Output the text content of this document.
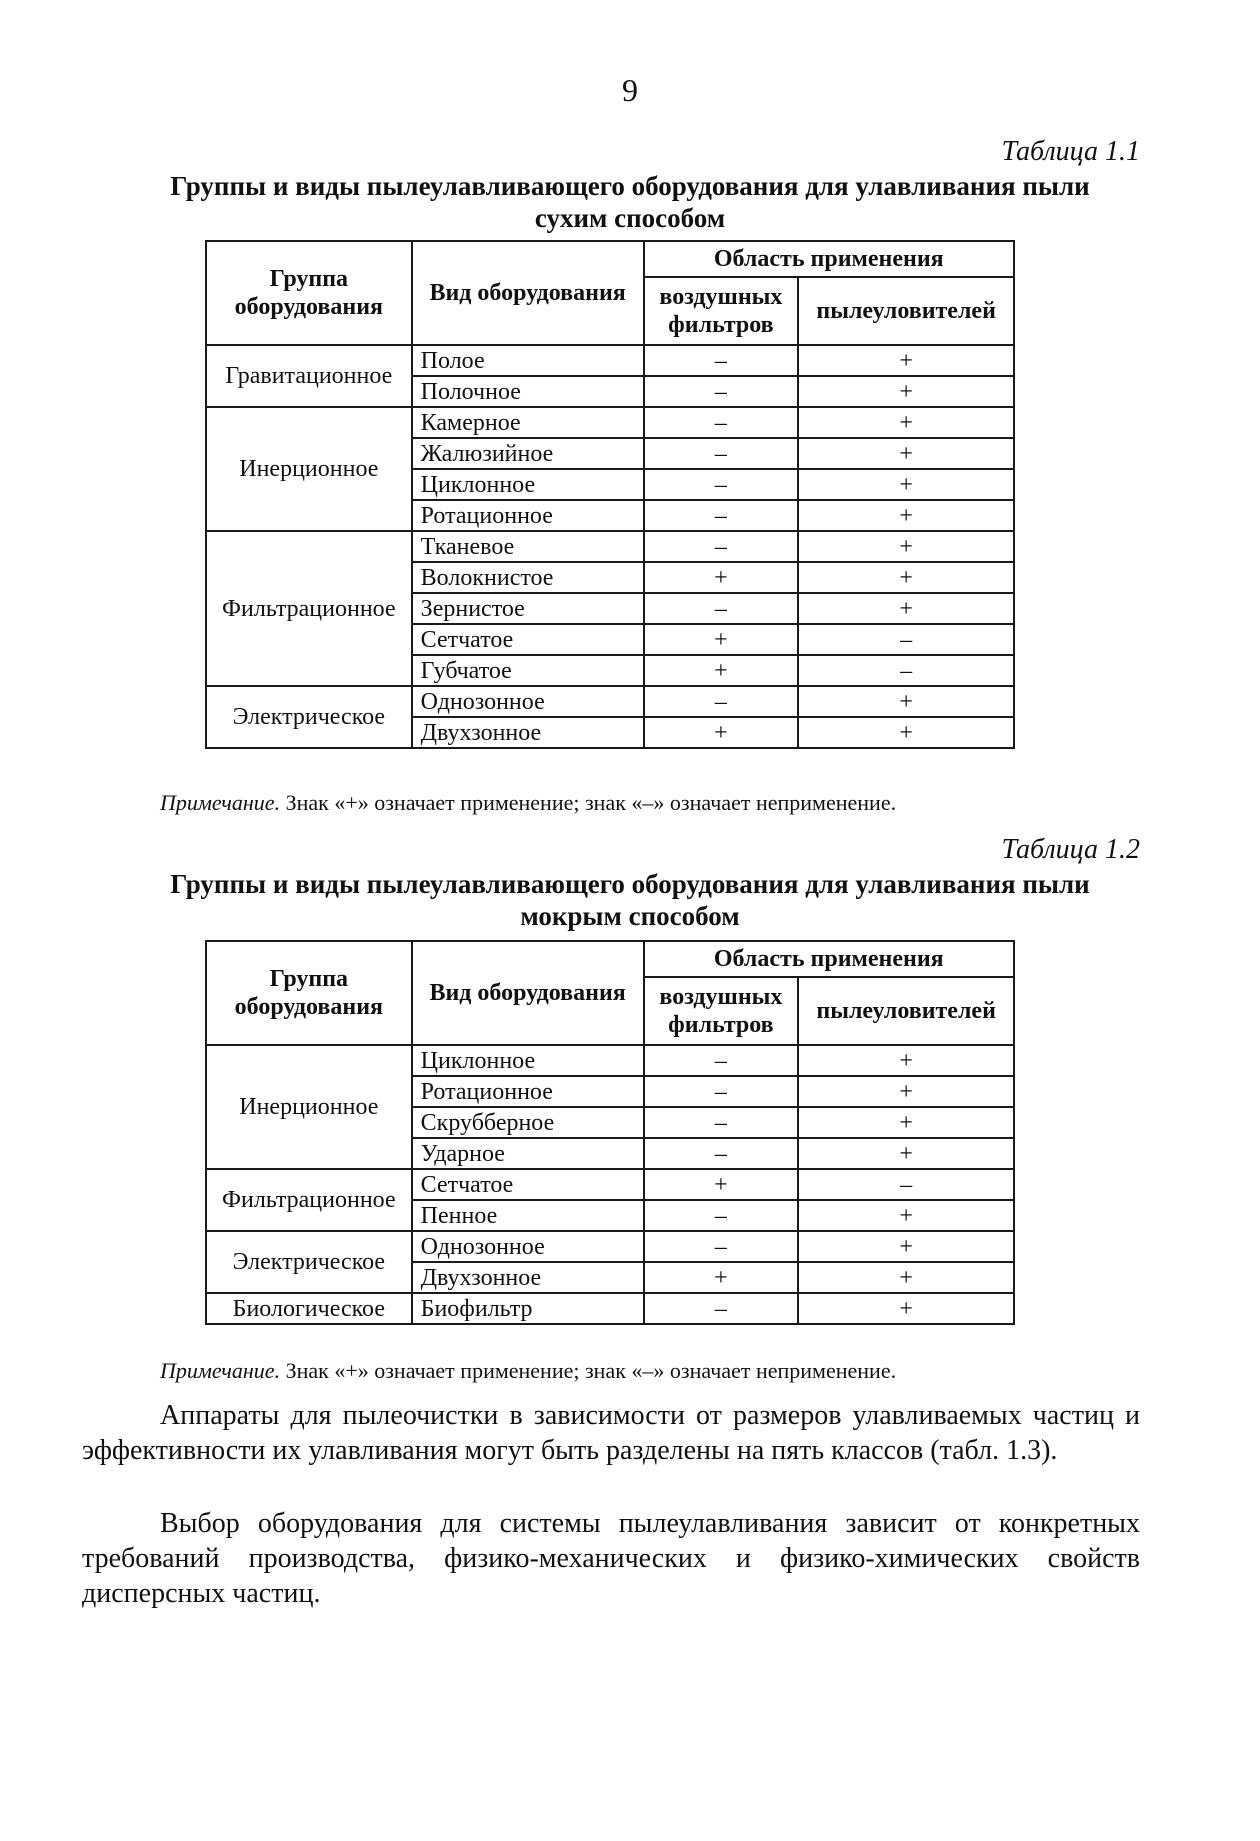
9
Таблица 1.1
Группы и виды пылеулавливающего оборудования для улавливания пыли
сухим способом
Группа оборудования	Вид оборудования	Область применения	
		воздушных фильтров	пылеуловителей
Гравитационное	Полое	–	+
	Полочное	–	+
Инерционное	Камерное	–	+
	Жалюзийное	–	+
	Циклонное	–	+
	Ротационное	–	+
Фильтрационное	Тканевое	–	+
	Волокнистое	+	+
	Зернистое	–	+
	Сетчатое	+	–
	Губчатое	+	–
Электрическое	Однозонное	–	+
	Двухзонное	+	+
Примечание. Знак «+» означает применение; знак «–» означает неприменение.
Таблица 1.2
Группы и виды пылеулавливающего оборудования для улавливания пыли
мокрым способом
Группа оборудования	Вид оборудования	Область применения	
		воздушных фильтров	пылеуловителей
Инерционное	Циклонное	–	+
	Ротационное	–	+
	Скрубберное	–	+
	Ударное	–	+
Фильтрационное	Сетчатое	+	–
	Пенное	–	+
Электрическое	Однозонное	–	+
	Двухзонное	+	+
Биологическое	Биофильтр	–	+
Примечание. Знак «+» означает применение; знак «–» означает неприменение.

Аппараты для пылеочистки в зависимости от размеров улавливаемых частиц и эффективности их улавливания могут быть разделены на пять классов (табл. 1.3).

Выбор оборудования для системы пылеулавливания зависит от конкретных требований производства, физико-механических и физико-химических свойств дисперсных частиц.
